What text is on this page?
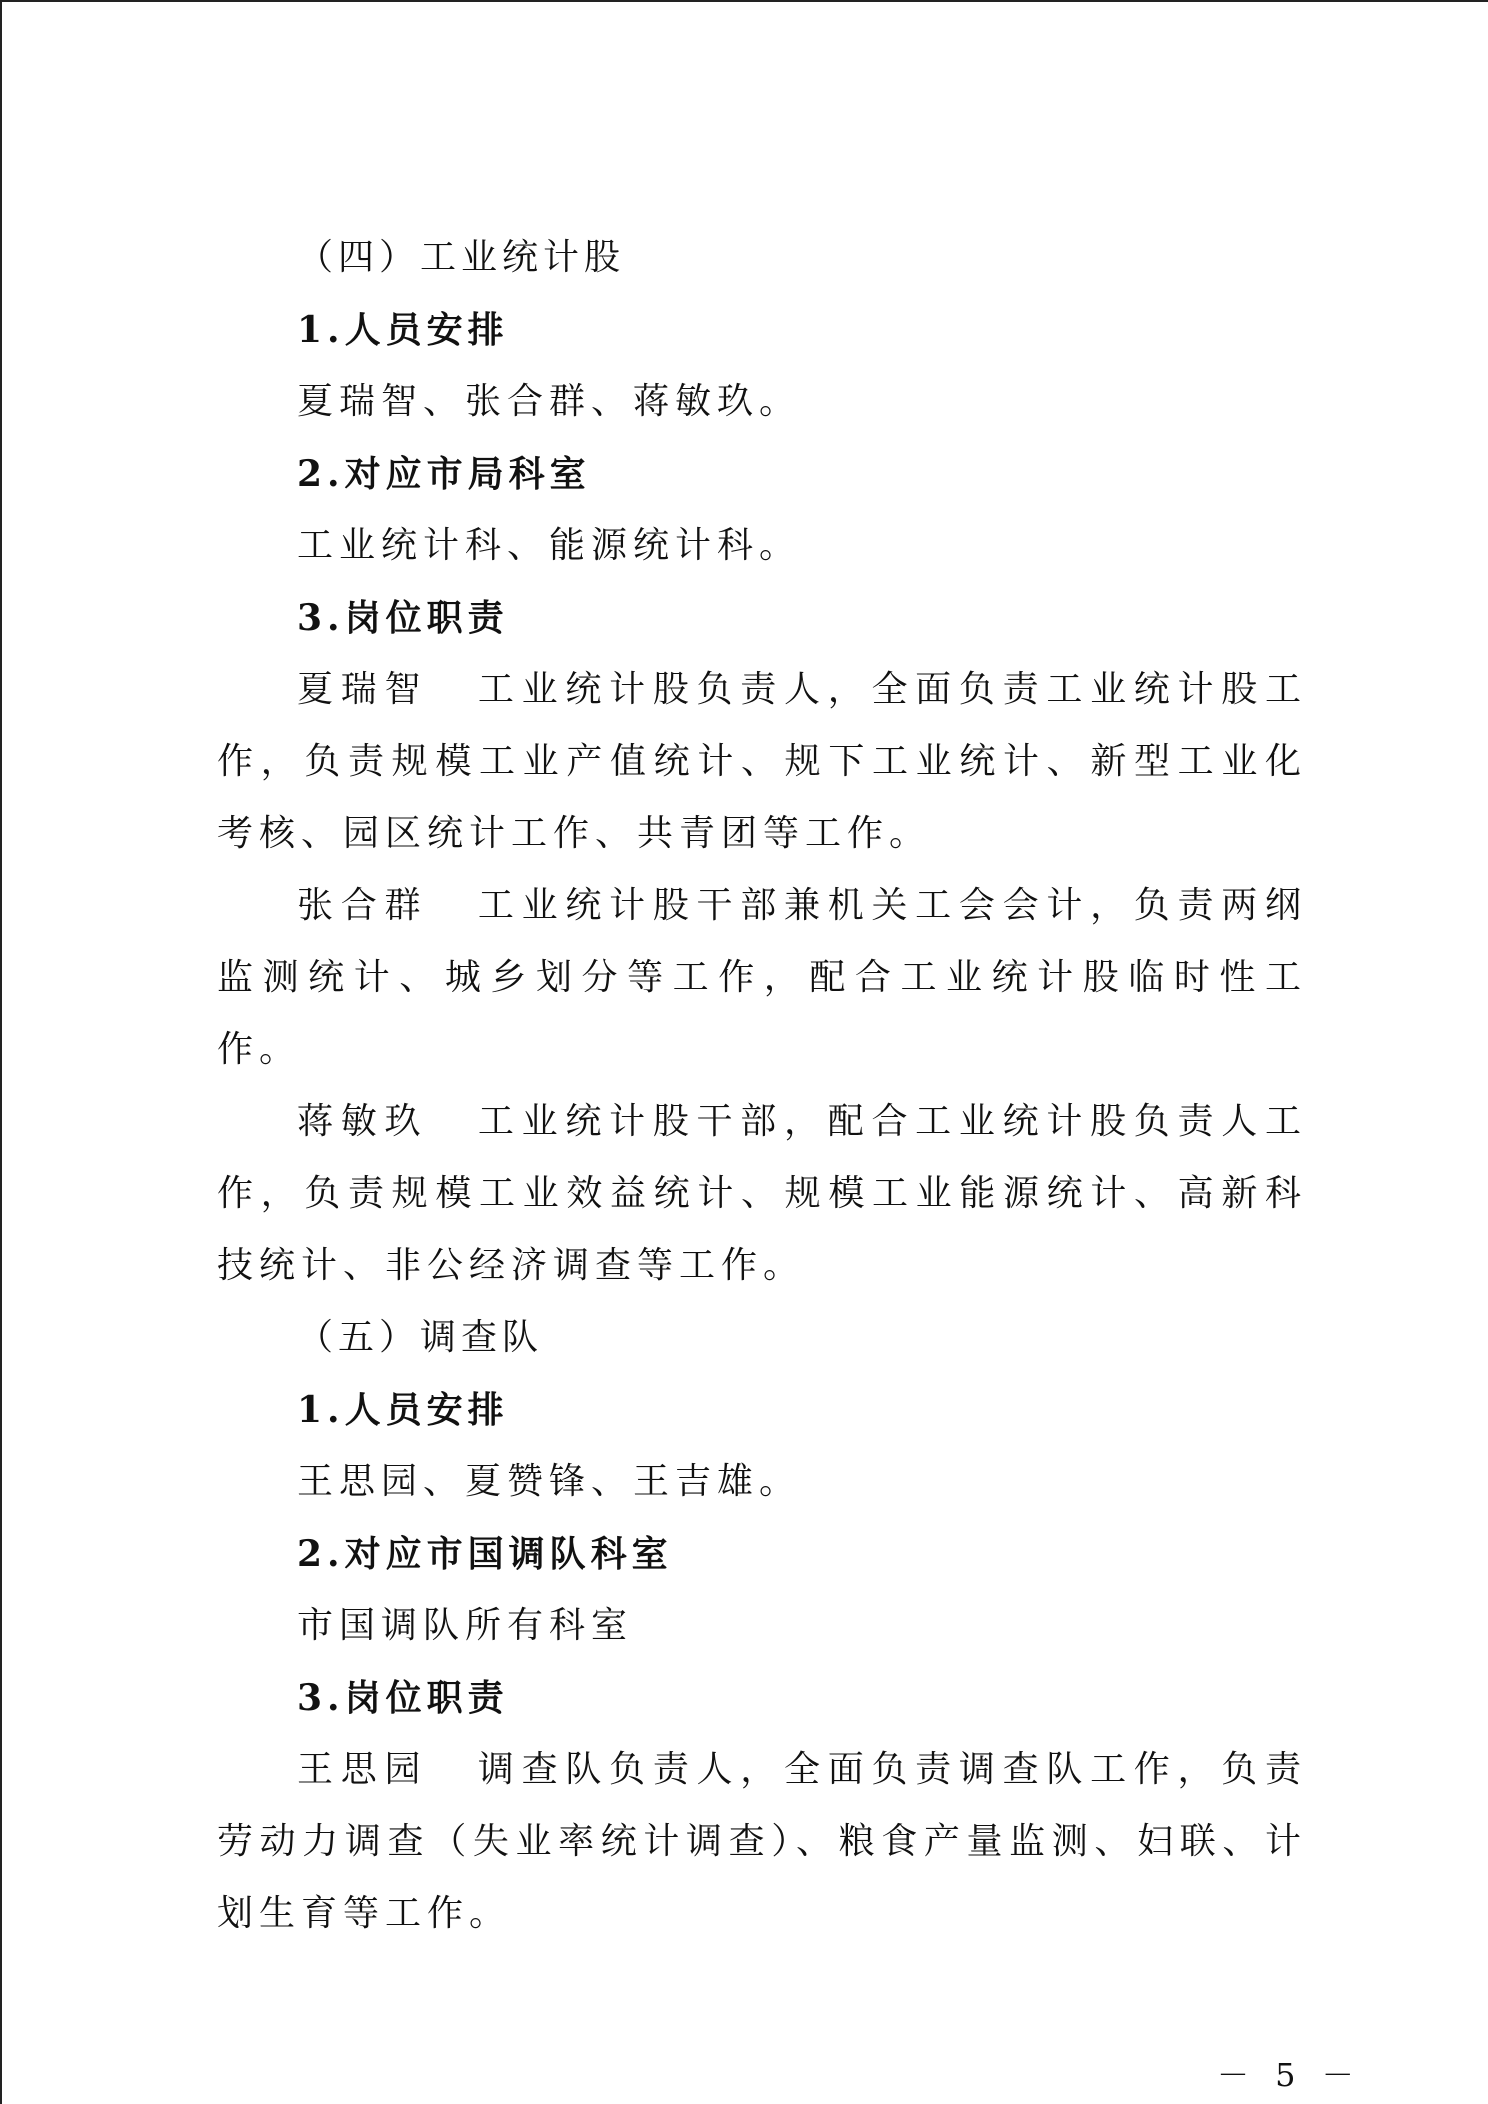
（四）工业统计股
1.人员安排

夏瑞智、张合群、蒋敏玖。

2.对应市局科室

工业统计科、能源统计科。

3.岗位职责

夏瑞智 工业统计股负责人，全面负责工业统计股工作，负责规模工业产值统计、规下工业统计、新型工业化考核、园区统计工作、共青团等工作。

张合群 工业统计股干部兼机关工会会计，负责两纲监测统计、城乡划分等工作，配合工业统计股临时性工作。

蒋敏玖 工业统计股干部，配合工业统计股负责人工作，负责规模工业效益统计、规模工业能源统计、高新科技统计、非公经济调查等工作。

（五）调查队
1.人员安排

王思园、夏赞锋、王吉雄。

2.对应市国调队科室

市国调队所有科室

3.岗位职责

王思园 调查队负责人，全面负责调查队工作，负责劳动力调查（失业率统计调查）、粮食产量监测、妇联、计划生育等工作。

－ 5 －
